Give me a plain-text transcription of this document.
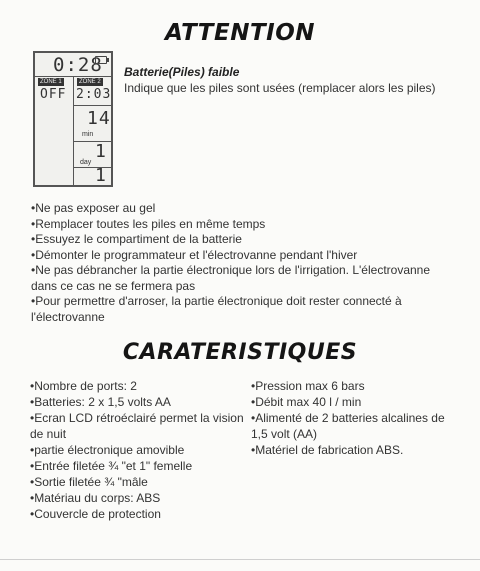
ATTENTION
0:28
ZONE 1	ZONE 2
OFF 2:03
14
min
1
day
1
Batterie(Piles) faible
Indique que les piles sont usées (remplacer alors les piles)
•Ne pas exposer au gel
•Remplacer toutes les piles en même temps
•Essuyez le compartiment de la batterie
•Démonter le programmateur et l'électrovanne pendant l'hiver
•Ne pas débrancher la partie électronique lors de l'irrigation. L'électrovanne dans ce cas ne se fermera pas
•Pour permettre d'arroser, la partie électronique doit rester connecté à l'électrovanne
CARATERISTIQUES
•Nombre de ports: 2
•Batteries: 2 x 1,5 volts AA
•Ecran LCD rétroéclairé permet la vision de nuit
•partie électronique amovible
•Entrée filetée ¾ "et 1" femelle
•Sortie filetée ¾ "mâle
•Matériau du corps: ABS
•Couvercle de protection
•Pression max 6 bars
•Débit max 40 l / min
•Alimenté de 2 batteries alcalines de 1,5 volt (AA)
•Matériel de fabrication ABS.
